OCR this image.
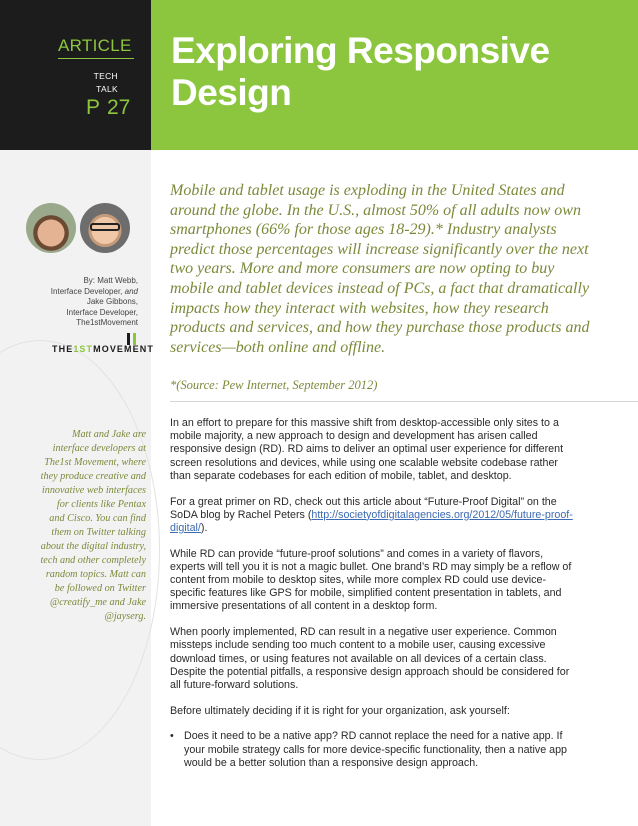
ARTICLE
TECH
TALK
P 27
Exploring Responsive Design
By: Matt Webb,
Interface Developer, and
Jake Gibbons,
Interface Developer,
The1stMovement
THE1STMOVEMENT
Matt and Jake are interface developers at The1st Movement, where they produce creative and innovative web interfaces for clients like Pentax and Cisco. You can find them on Twitter talking about the digital industry, tech and other completely random topics. Matt can be followed on Twitter @creatify_me and Jake @jayserg.
Mobile and tablet usage is exploding in the United States and around the globe. In the U.S., almost 50% of all adults now own smartphones (66% for those ages 18-29).* Industry analysts predict those percentages will increase significantly over the next two years. More and more consumers are now opting to buy mobile and tablet devices instead of PCs, a fact that dramatically impacts how they interact with websites, how they research products and services, and how they purchase those products and services—both online and offline.
*(Source: Pew Internet, September 2012)

In an effort to prepare for this massive shift from desktop-accessible only sites to a mobile majority, a new approach to design and development has arisen called responsive design (RD). RD aims to deliver an optimal user experience for different screen resolutions and devices, while using one scalable website codebase rather than separate codebases for each edition of mobile, tablet, and desktop.

For a great primer on RD, check out this article about “Future-Proof Digital” on the SoDA blog by Rachel Peters (http://societyofdigitalagencies.org/2012/05/future-proof-digital/).

While RD can provide “future-proof solutions” and comes in a variety of flavors, experts will tell you it is not a magic bullet. One brand’s RD may simply be a reflow of content from mobile to desktop sites, while more complex RD could use device-specific features like GPS for mobile, simplified content presentation in tablets, and immersive presentations of all content in a desktop form.

When poorly implemented, RD can result in a negative user experience. Common missteps include sending too much content to a mobile user, causing excessive download times, or using features not available on all devices of a certain class. Despite the potential pitfalls, a responsive design approach should be considered for all future-forward solutions.

Before ultimately deciding if it is right for your organization, ask yourself:

• Does it need to be a native app? RD cannot replace the need for a native app. If your mobile strategy calls for more device-specific functionality, then a native app would be a better solution than a responsive design approach.
